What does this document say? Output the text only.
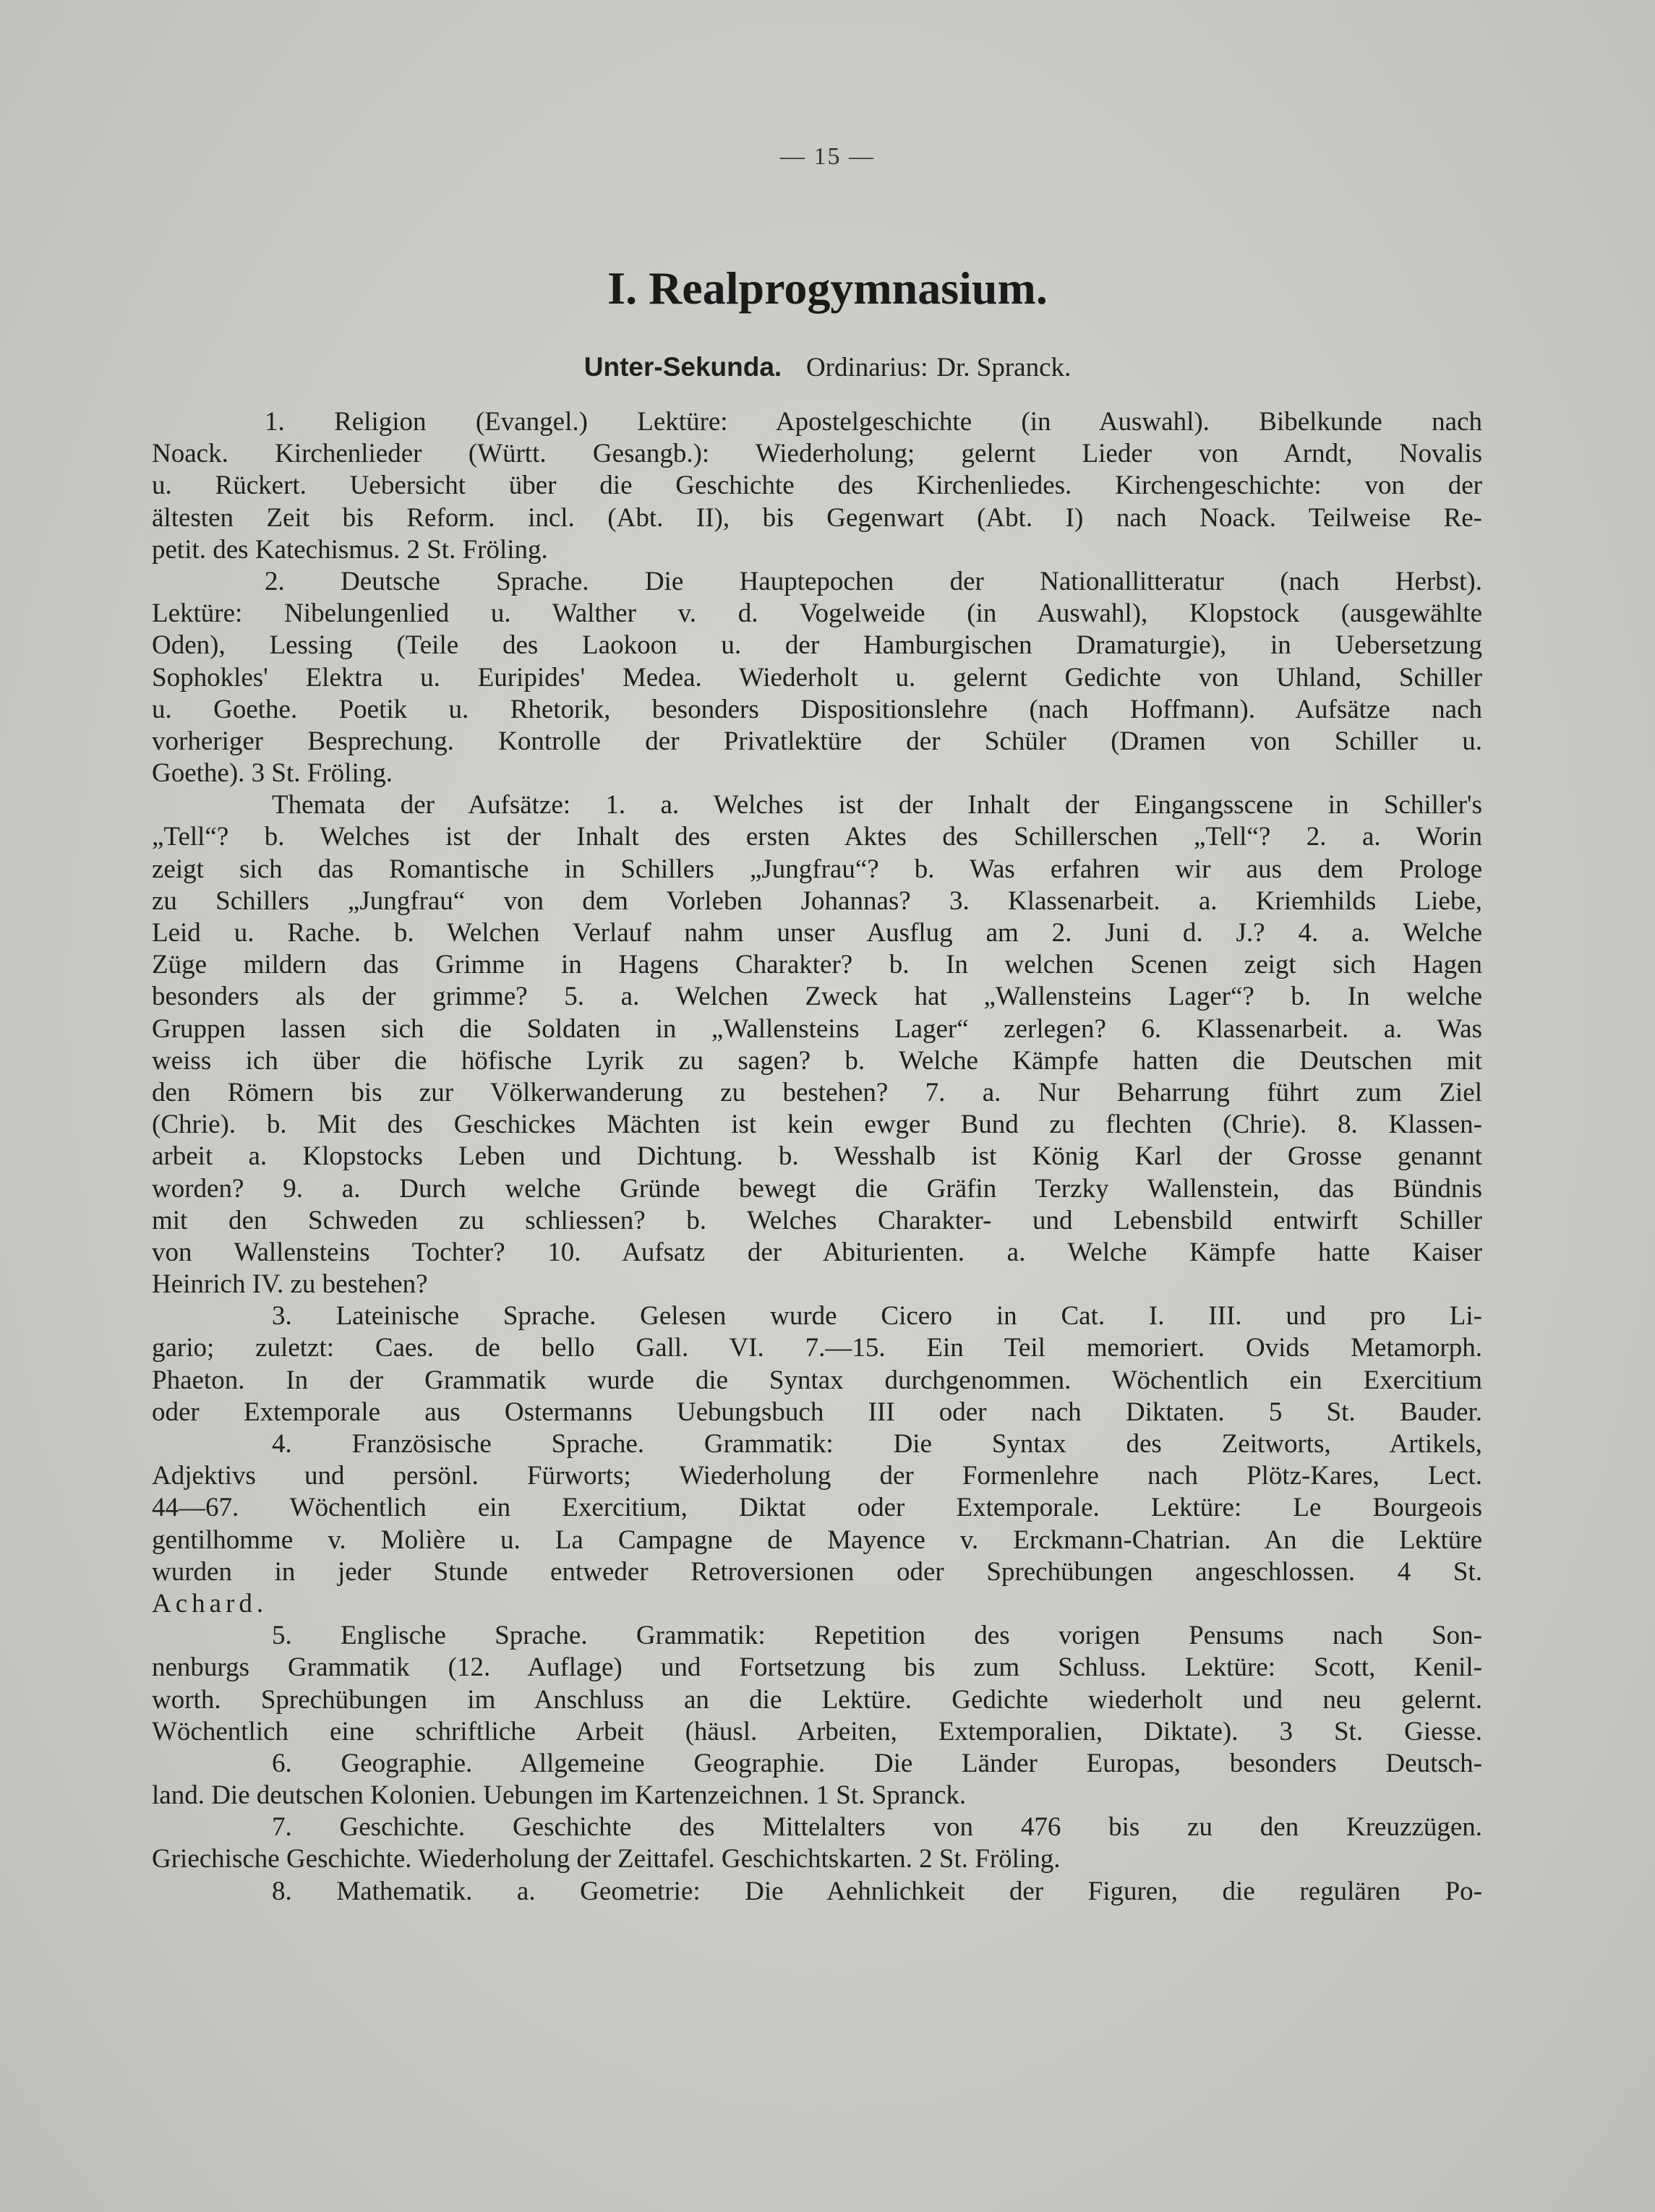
— 15 —
I. Realprogymnasium.
Unter-Sekunda. Ordinarius: Dr. Spranck.
1. Religion (Evangel.) Lektüre: Apostelgeschichte (in Auswahl). Bibelkunde nach
Noack. Kirchenlieder (Württ. Gesangb.): Wiederholung; gelernt Lieder von Arndt, Novalis
u. Rückert. Uebersicht über die Geschichte des Kirchenliedes. Kirchengeschichte: von der
ältesten Zeit bis Reform. incl. (Abt. II), bis Gegenwart (Abt. I) nach Noack. Teilweise Re-
petit. des Katechismus. 2 St. Fröling.
2. Deutsche Sprache. Die Hauptepochen der Nationallitteratur (nach Herbst).
Lektüre: Nibelungenlied u. Walther v. d. Vogelweide (in Auswahl), Klopstock (ausgewählte
Oden), Lessing (Teile des Laokoon u. der Hamburgischen Dramaturgie), in Uebersetzung
Sophokles' Elektra u. Euripides' Medea. Wiederholt u. gelernt Gedichte von Uhland, Schiller
u. Goethe. Poetik u. Rhetorik, besonders Dispositionslehre (nach Hoffmann). Aufsätze nach
vorheriger Besprechung. Kontrolle der Privatlektüre der Schüler (Dramen von Schiller u.
Goethe). 3 St. Fröling.
Themata der Aufsätze: 1. a. Welches ist der Inhalt der Eingangsscene in Schiller's
„Tell“? b. Welches ist der Inhalt des ersten Aktes des Schillerschen „Tell“? 2. a. Worin
zeigt sich das Romantische in Schillers „Jungfrau“? b. Was erfahren wir aus dem Prologe
zu Schillers „Jungfrau“ von dem Vorleben Johannas? 3. Klassenarbeit. a. Kriemhilds Liebe,
Leid u. Rache. b. Welchen Verlauf nahm unser Ausflug am 2. Juni d. J.? 4. a. Welche
Züge mildern das Grimme in Hagens Charakter? b. In welchen Scenen zeigt sich Hagen
besonders als der grimme? 5. a. Welchen Zweck hat „Wallensteins Lager“? b. In welche
Gruppen lassen sich die Soldaten in „Wallensteins Lager“ zerlegen? 6. Klassenarbeit. a. Was
weiss ich über die höfische Lyrik zu sagen? b. Welche Kämpfe hatten die Deutschen mit
den Römern bis zur Völkerwanderung zu bestehen? 7. a. Nur Beharrung führt zum Ziel
(Chrie). b. Mit des Geschickes Mächten ist kein ewger Bund zu flechten (Chrie). 8. Klassen-
arbeit a. Klopstocks Leben und Dichtung. b. Wesshalb ist König Karl der Grosse genannt
worden? 9. a. Durch welche Gründe bewegt die Gräfin Terzky Wallenstein, das Bündnis
mit den Schweden zu schliessen? b. Welches Charakter- und Lebensbild entwirft Schiller
von Wallensteins Tochter? 10. Aufsatz der Abiturienten. a. Welche Kämpfe hatte Kaiser
Heinrich IV. zu bestehen?
3. Lateinische Sprache. Gelesen wurde Cicero in Cat. I. III. und pro Li-
gario; zuletzt: Caes. de bello Gall. VI. 7.—15. Ein Teil memoriert. Ovids Metamorph.
Phaeton. In der Grammatik wurde die Syntax durchgenommen. Wöchentlich ein Exercitium
oder Extemporale aus Ostermanns Uebungsbuch III oder nach Diktaten. 5 St. Bauder.
4. Französische Sprache. Grammatik: Die Syntax des Zeitworts, Artikels,
Adjektivs und persönl. Fürworts; Wiederholung der Formenlehre nach Plötz-Kares, Lect.
44—67. Wöchentlich ein Exercitium, Diktat oder Extemporale. Lektüre: Le Bourgeois
gentilhomme v. Molière u. La Campagne de Mayence v. Erckmann-Chatrian. An die Lektüre
wurden in jeder Stunde entweder Retroversionen oder Sprechübungen angeschlossen. 4 St.
Achard.
5. Englische Sprache. Grammatik: Repetition des vorigen Pensums nach Son-
nenburgs Grammatik (12. Auflage) und Fortsetzung bis zum Schluss. Lektüre: Scott, Kenil-
worth. Sprechübungen im Anschluss an die Lektüre. Gedichte wiederholt und neu gelernt.
Wöchentlich eine schriftliche Arbeit (häusl. Arbeiten, Extemporalien, Diktate). 3 St. Giesse.
6. Geographie. Allgemeine Geographie. Die Länder Europas, besonders Deutsch-
land. Die deutschen Kolonien. Uebungen im Kartenzeichnen. 1 St. Spranck.
7. Geschichte. Geschichte des Mittelalters von 476 bis zu den Kreuzzügen.
Griechische Geschichte. Wiederholung der Zeittafel. Geschichtskarten. 2 St. Fröling.
8. Mathematik. a. Geometrie: Die Aehnlichkeit der Figuren, die regulären Po-
